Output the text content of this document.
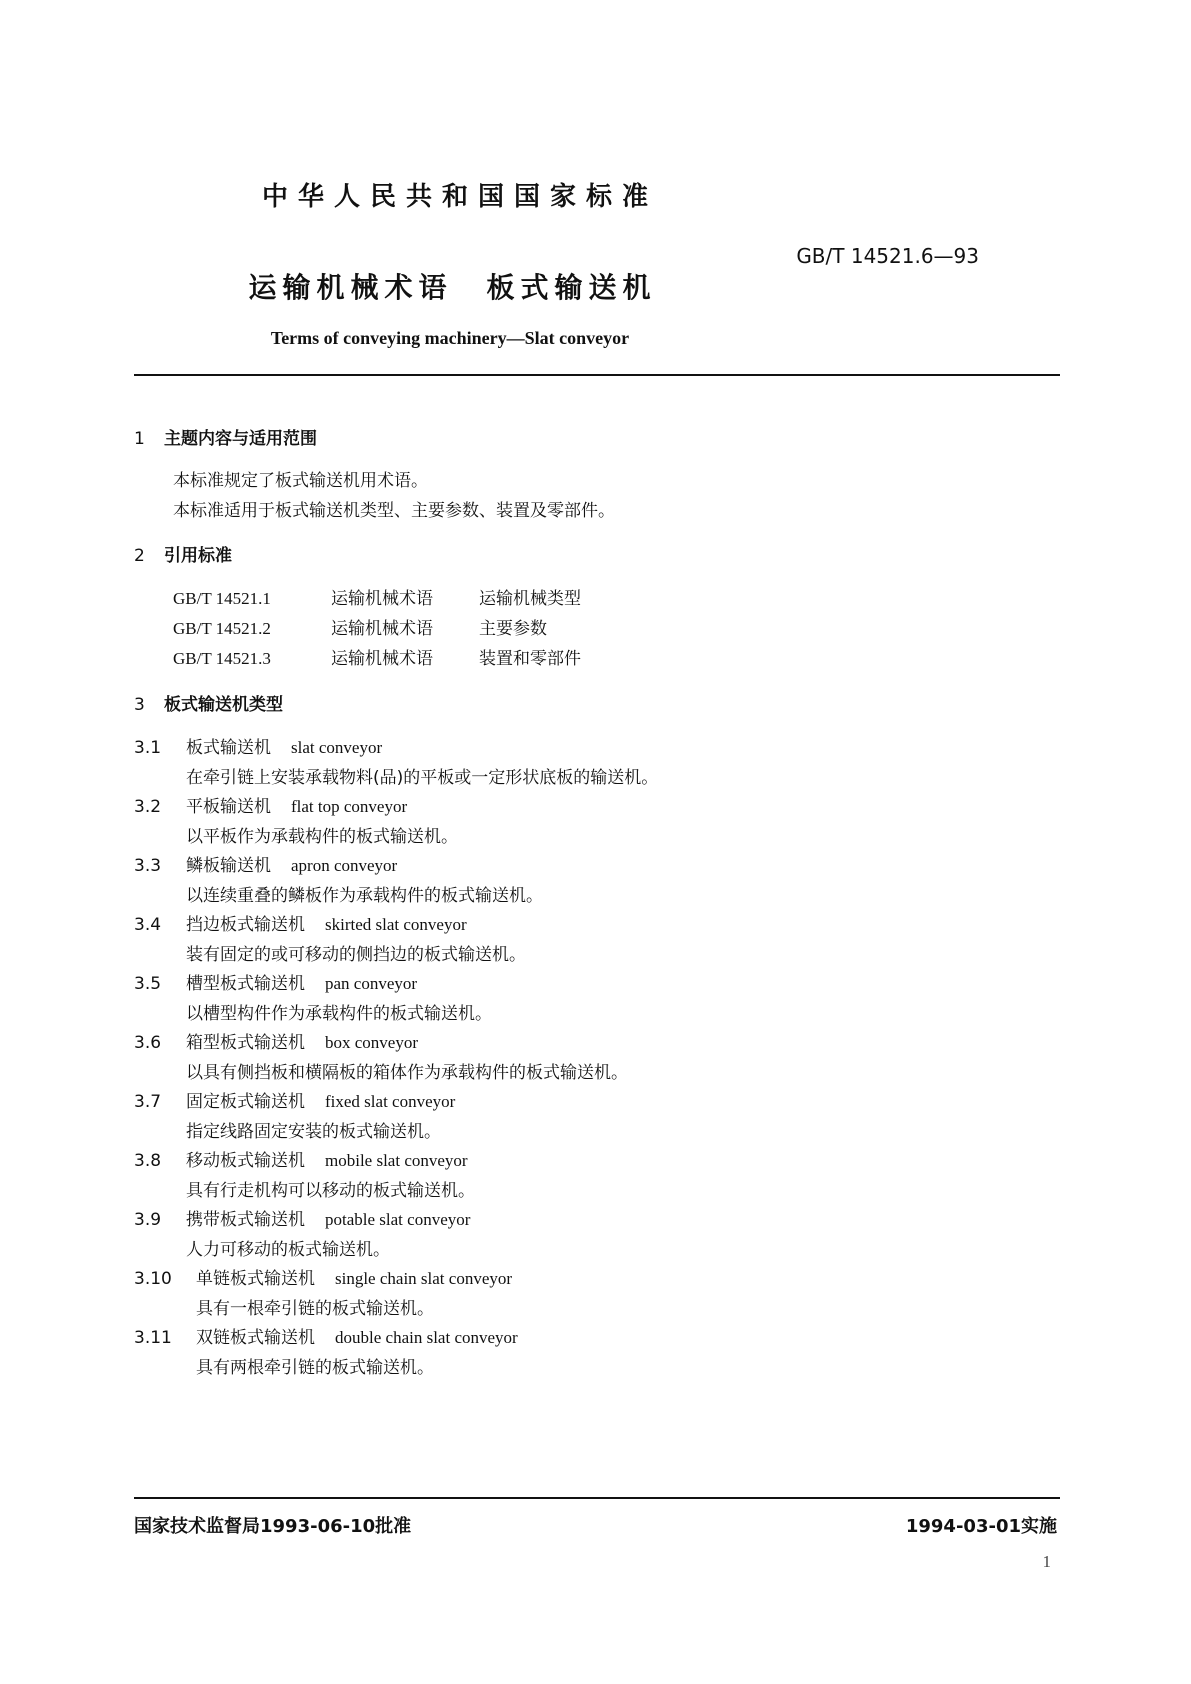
中华人民共和国国家标准
GB/T 14521.6—93
运输机械术语　板式输送机
Terms of conveying machinery—Slat conveyor
1 主题内容与适用范围
本标准规定了板式输送机用术语。
本标准适用于板式输送机类型、主要参数、装置及零部件。
2 引用标准
GB/T 14521.1	运输机械术语	运输机械类型
GB/T 14521.2	运输机械术语	主要参数
GB/T 14521.3	运输机械术语	装置和零部件
3 板式输送机类型
3.1 板式输送机 slat conveyor
在牵引链上安装承载物料(品)的平板或一定形状底板的输送机。
3.2 平板输送机 flat top conveyor
以平板作为承载构件的板式输送机。
3.3 鳞板输送机 apron conveyor
以连续重叠的鳞板作为承载构件的板式输送机。
3.4 挡边板式输送机 skirted slat conveyor
装有固定的或可移动的侧挡边的板式输送机。
3.5 槽型板式输送机 pan conveyor
以槽型构件作为承载构件的板式输送机。
3.6 箱型板式输送机 box conveyor
以具有侧挡板和横隔板的箱体作为承载构件的板式输送机。
3.7 固定板式输送机 fixed slat conveyor
指定线路固定安装的板式输送机。
3.8 移动板式输送机 mobile slat conveyor
具有行走机构可以移动的板式输送机。
3.9 携带板式输送机 potable slat conveyor
人力可移动的板式输送机。
3.10 单链板式输送机 single chain slat conveyor
具有一根牵引链的板式输送机。
3.11 双链板式输送机 double chain slat conveyor
具有两根牵引链的板式输送机。
国家技术监督局1993-06-10批准	1994-03-01实施
1
